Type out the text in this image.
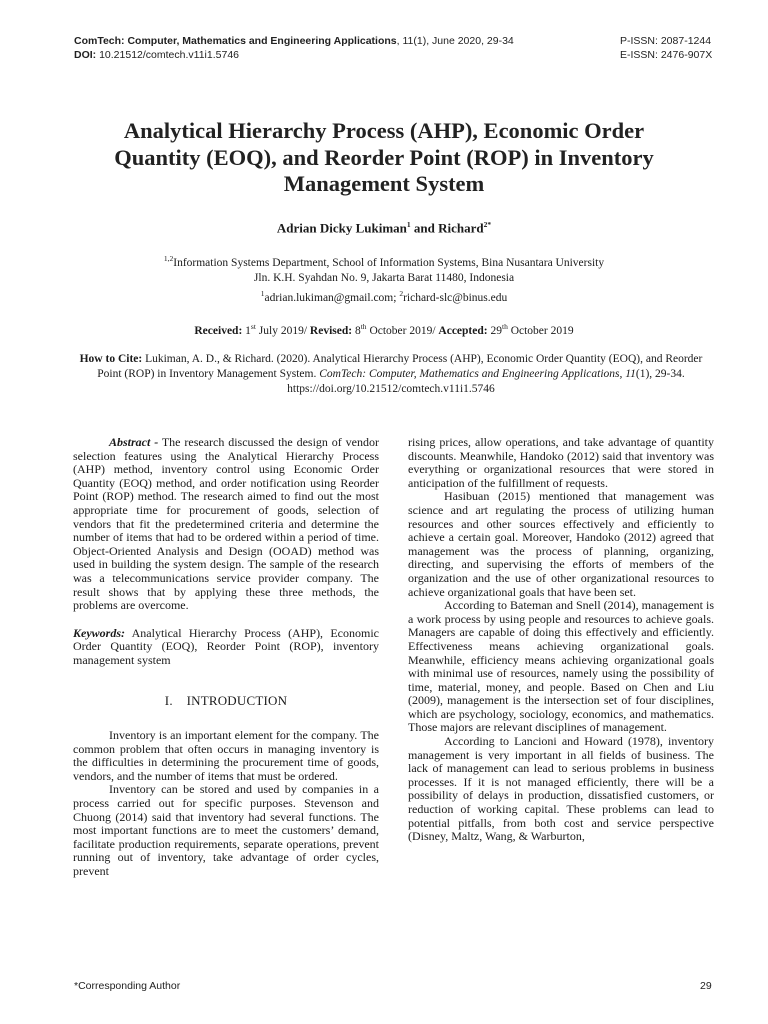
ComTech: Computer, Mathematics and Engineering Applications, 11(1), June 2020, 29-34
DOI: 10.21512/comtech.v11i1.5746
P-ISSN: 2087-1244
E-ISSN: 2476-907X
Analytical Hierarchy Process (AHP), Economic Order
Quantity (EOQ), and Reorder Point (ROP) in Inventory
Management System
Adrian Dicky Lukiman$^1$ and Richard$^{2*}$
$^{1,2}$Information Systems Department, School of Information Systems, Bina Nusantara University
Jln. K.H. Syahdan No. 9, Jakarta Barat 11480, Indonesia
$^1$adrian.lukiman@gmail.com; $^2$richard-slc@binus.edu
Received: 1st July 2019/ Revised: 8th October 2019/ Accepted: 29th October 2019
How to Cite: Lukiman, A. D., & Richard. (2020). Analytical Hierarchy Process (AHP), Economic Order Quantity (EOQ), and Reorder Point (ROP) in Inventory Management System. ComTech: Computer, Mathematics and Engineering Applications, 11(1), 29-34. https://doi.org/10.21512/comtech.v11i1.5746

Abstract - The research discussed the design of vendor selection features using the Analytical Hierarchy Process (AHP) method, inventory control using Economic Order Quantity (EOQ) method, and order notification using Reorder Point (ROP) method. The research aimed to find out the most appropriate time for procurement of goods, selection of vendors that fit the predetermined criteria and determine the number of items that had to be ordered within a period of time. Object-Oriented Analysis and Design (OOAD) method was used in building the system design. The sample of the research was a telecommunications service provider company. The result shows that by applying these three methods, the problems are overcome.

Keywords: Analytical Hierarchy Process (AHP), Economic Order Quantity (EOQ), Reorder Point (ROP), inventory management system

I.    INTRODUCTION

Inventory is an important element for the company. The common problem that often occurs in managing inventory is the difficulties in determining the procurement time of goods, vendors, and the number of items that must be ordered.

Inventory can be stored and used by companies in a process carried out for specific purposes. Stevenson and Chuong (2014) said that inventory had several functions. The most important functions are to meet the customers’ demand, facilitate production requirements, separate operations, prevent running out of inventory, take advantage of order cycles, prevent

rising prices, allow operations, and take advantage of quantity discounts. Meanwhile, Handoko (2012) said that inventory was everything or organizational resources that were stored in anticipation of the fulfillment of requests.

Hasibuan (2015) mentioned that management was science and art regulating the process of utilizing human resources and other sources effectively and efficiently to achieve a certain goal. Moreover, Handoko (2012) agreed that management was the process of planning, organizing, directing, and supervising the efforts of members of the organization and the use of other organizational resources to achieve organizational goals that have been set.

According to Bateman and Snell (2014), management is a work process by using people and resources to achieve goals. Managers are capable of doing this effectively and efficiently. Effectiveness means achieving organizational goals. Meanwhile, efficiency means achieving organizational goals with minimal use of resources, namely using the possibility of time, material, money, and people. Based on Chen and Liu (2009), management is the intersection set of four disciplines, which are psychology, sociology, economics, and mathematics. Those majors are relevant disciplines of management.

According to Lancioni and Howard (1978), inventory management is very important in all fields of business. The lack of management can lead to serious problems in business processes. If it is not managed efficiently, there will be a possibility of delays in production, dissatisfied customers, or reduction of working capital. These problems can lead to potential pitfalls, from both cost and service perspective (Disney, Maltz, Wang, & Warburton,

*Corresponding Author	29
